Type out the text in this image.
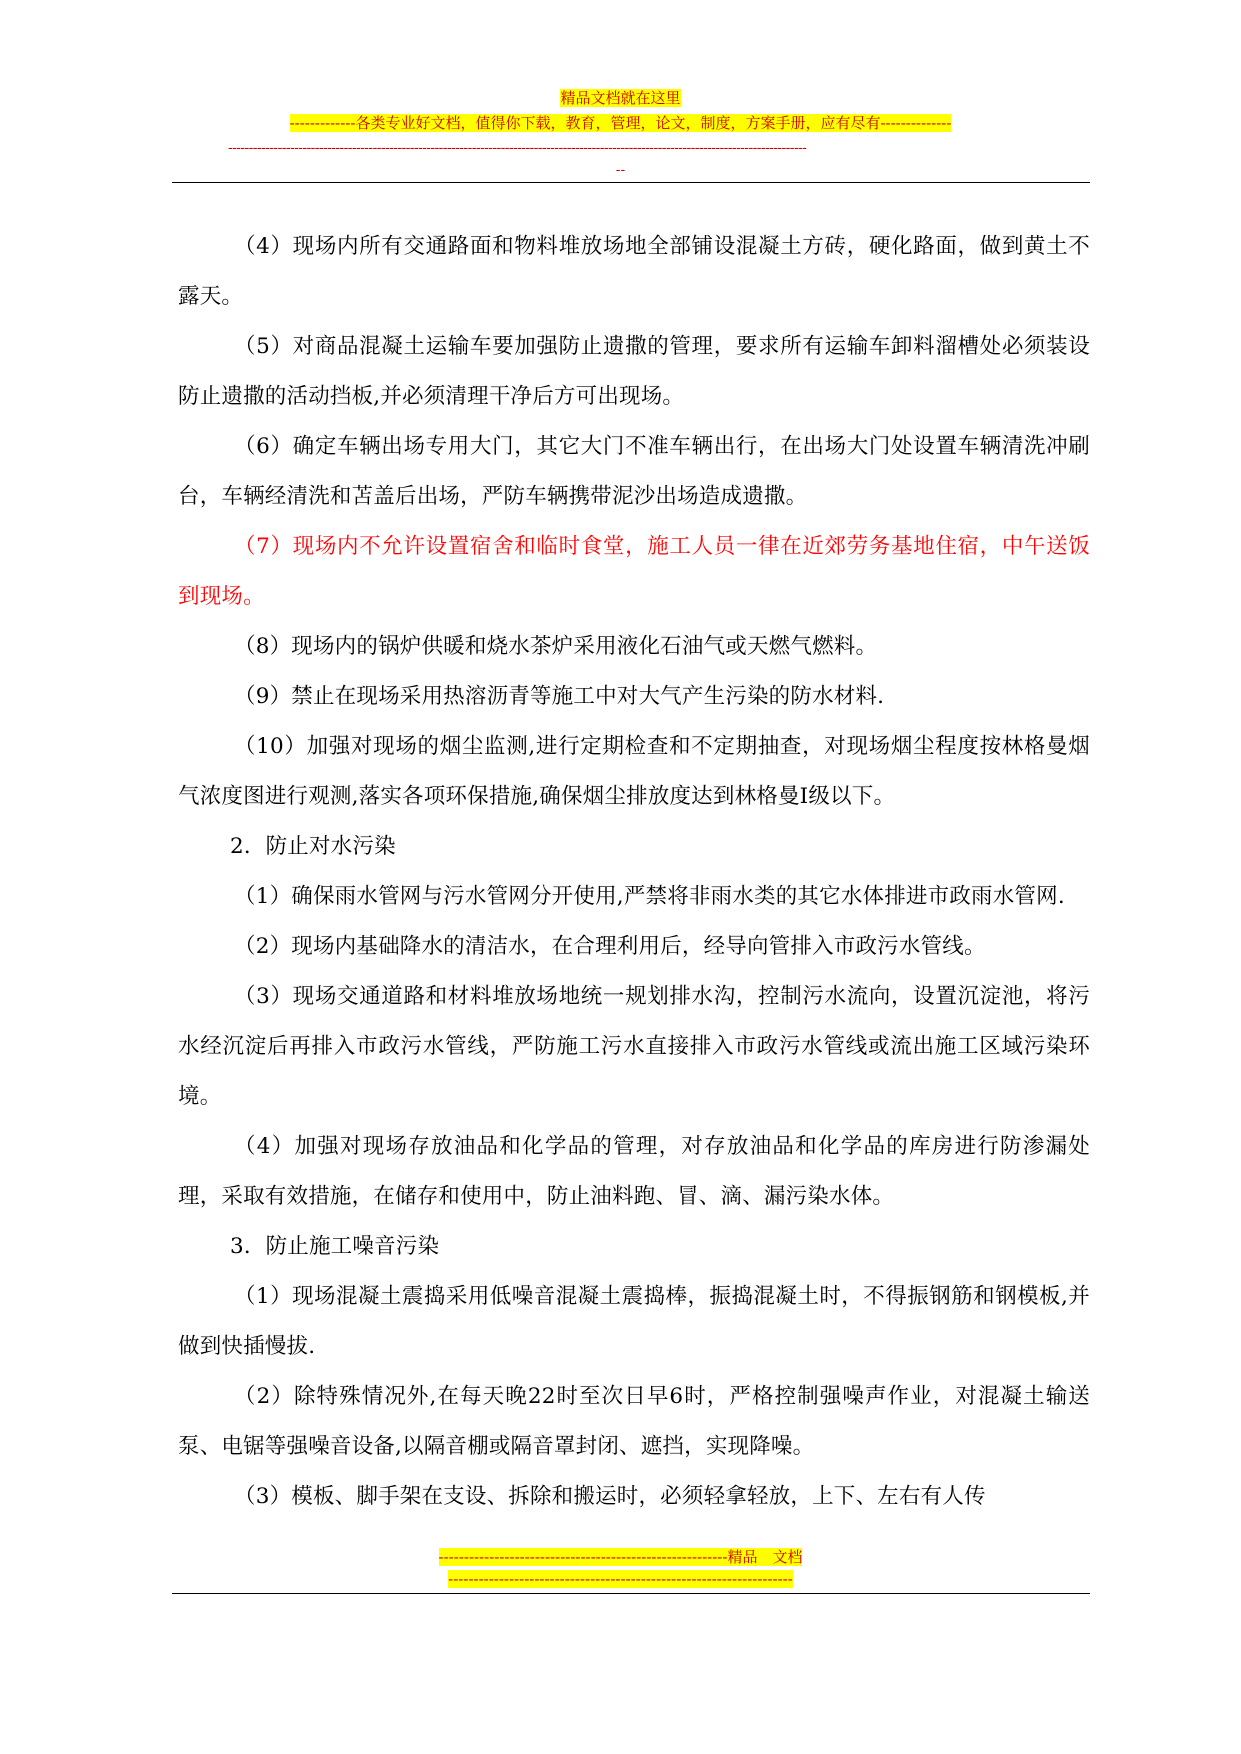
精品文档就在这里
-------------各类专业好文档，值得你下载，教育，管理，论文，制度，方案手册，应有尽有--------------
--------------------------------------------------------------------------------------------------------------------------------------------
--

（4）现场内所有交通路面和物料堆放场地全部铺设混凝土方砖，硬化路面，做到黄土不露天。

（5）对商品混凝土运输车要加强防止遗撒的管理，要求所有运输车卸料溜槽处必须装设防止遗撒的活动挡板,并必须清理干净后方可出现场。

（6）确定车辆出场专用大门，其它大门不准车辆出行，在出场大门处设置车辆清洗冲刷台，车辆经清洗和苫盖后出场，严防车辆携带泥沙出场造成遗撒。

（7）现场内不允许设置宿舍和临时食堂，施工人员一律在近郊劳务基地住宿，中午送饭到现场。

（8）现场内的锅炉供暖和烧水茶炉采用液化石油气或天燃气燃料。

（9）禁止在现场采用热溶沥青等施工中对大气产生污染的防水材料.

（10）加强对现场的烟尘监测,进行定期检查和不定期抽查，对现场烟尘程度按林格曼烟气浓度图进行观测,落实各项环保措施,确保烟尘排放度达到林格曼I级以下。

2．防止对水污染

（1）确保雨水管网与污水管网分开使用,严禁将非雨水类的其它水体排进市政雨水管网.

（2）现场内基础降水的清洁水，在合理利用后，经导向管排入市政污水管线。

（3）现场交通道路和材料堆放场地统一规划排水沟，控制污水流向，设置沉淀池，将污水经沉淀后再排入市政污水管线，严防施工污水直接排入市政污水管线或流出施工区域污染环境。

（4）加强对现场存放油品和化学品的管理，对存放油品和化学品的库房进行防渗漏处理，采取有效措施，在储存和使用中，防止油料跑、冒、滴、漏污染水体。

3．防止施工噪音污染

（1）现场混凝土震捣采用低噪音混凝土震捣棒，振捣混凝土时，不得振钢筋和钢模板,并做到快插慢拔.

（2）除特殊情况外,在每天晚22时至次日早6时，严格控制强噪声作业，对混凝土输送泵、电锯等强噪音设备,以隔音棚或隔音罩封闭、遮挡，实现降噪。

（3）模板、脚手架在支设、拆除和搬运时，必须轻拿轻放，上下、左右有人传

---------------------------------------------------------精品　文档
--------------------------------------------------------------------
